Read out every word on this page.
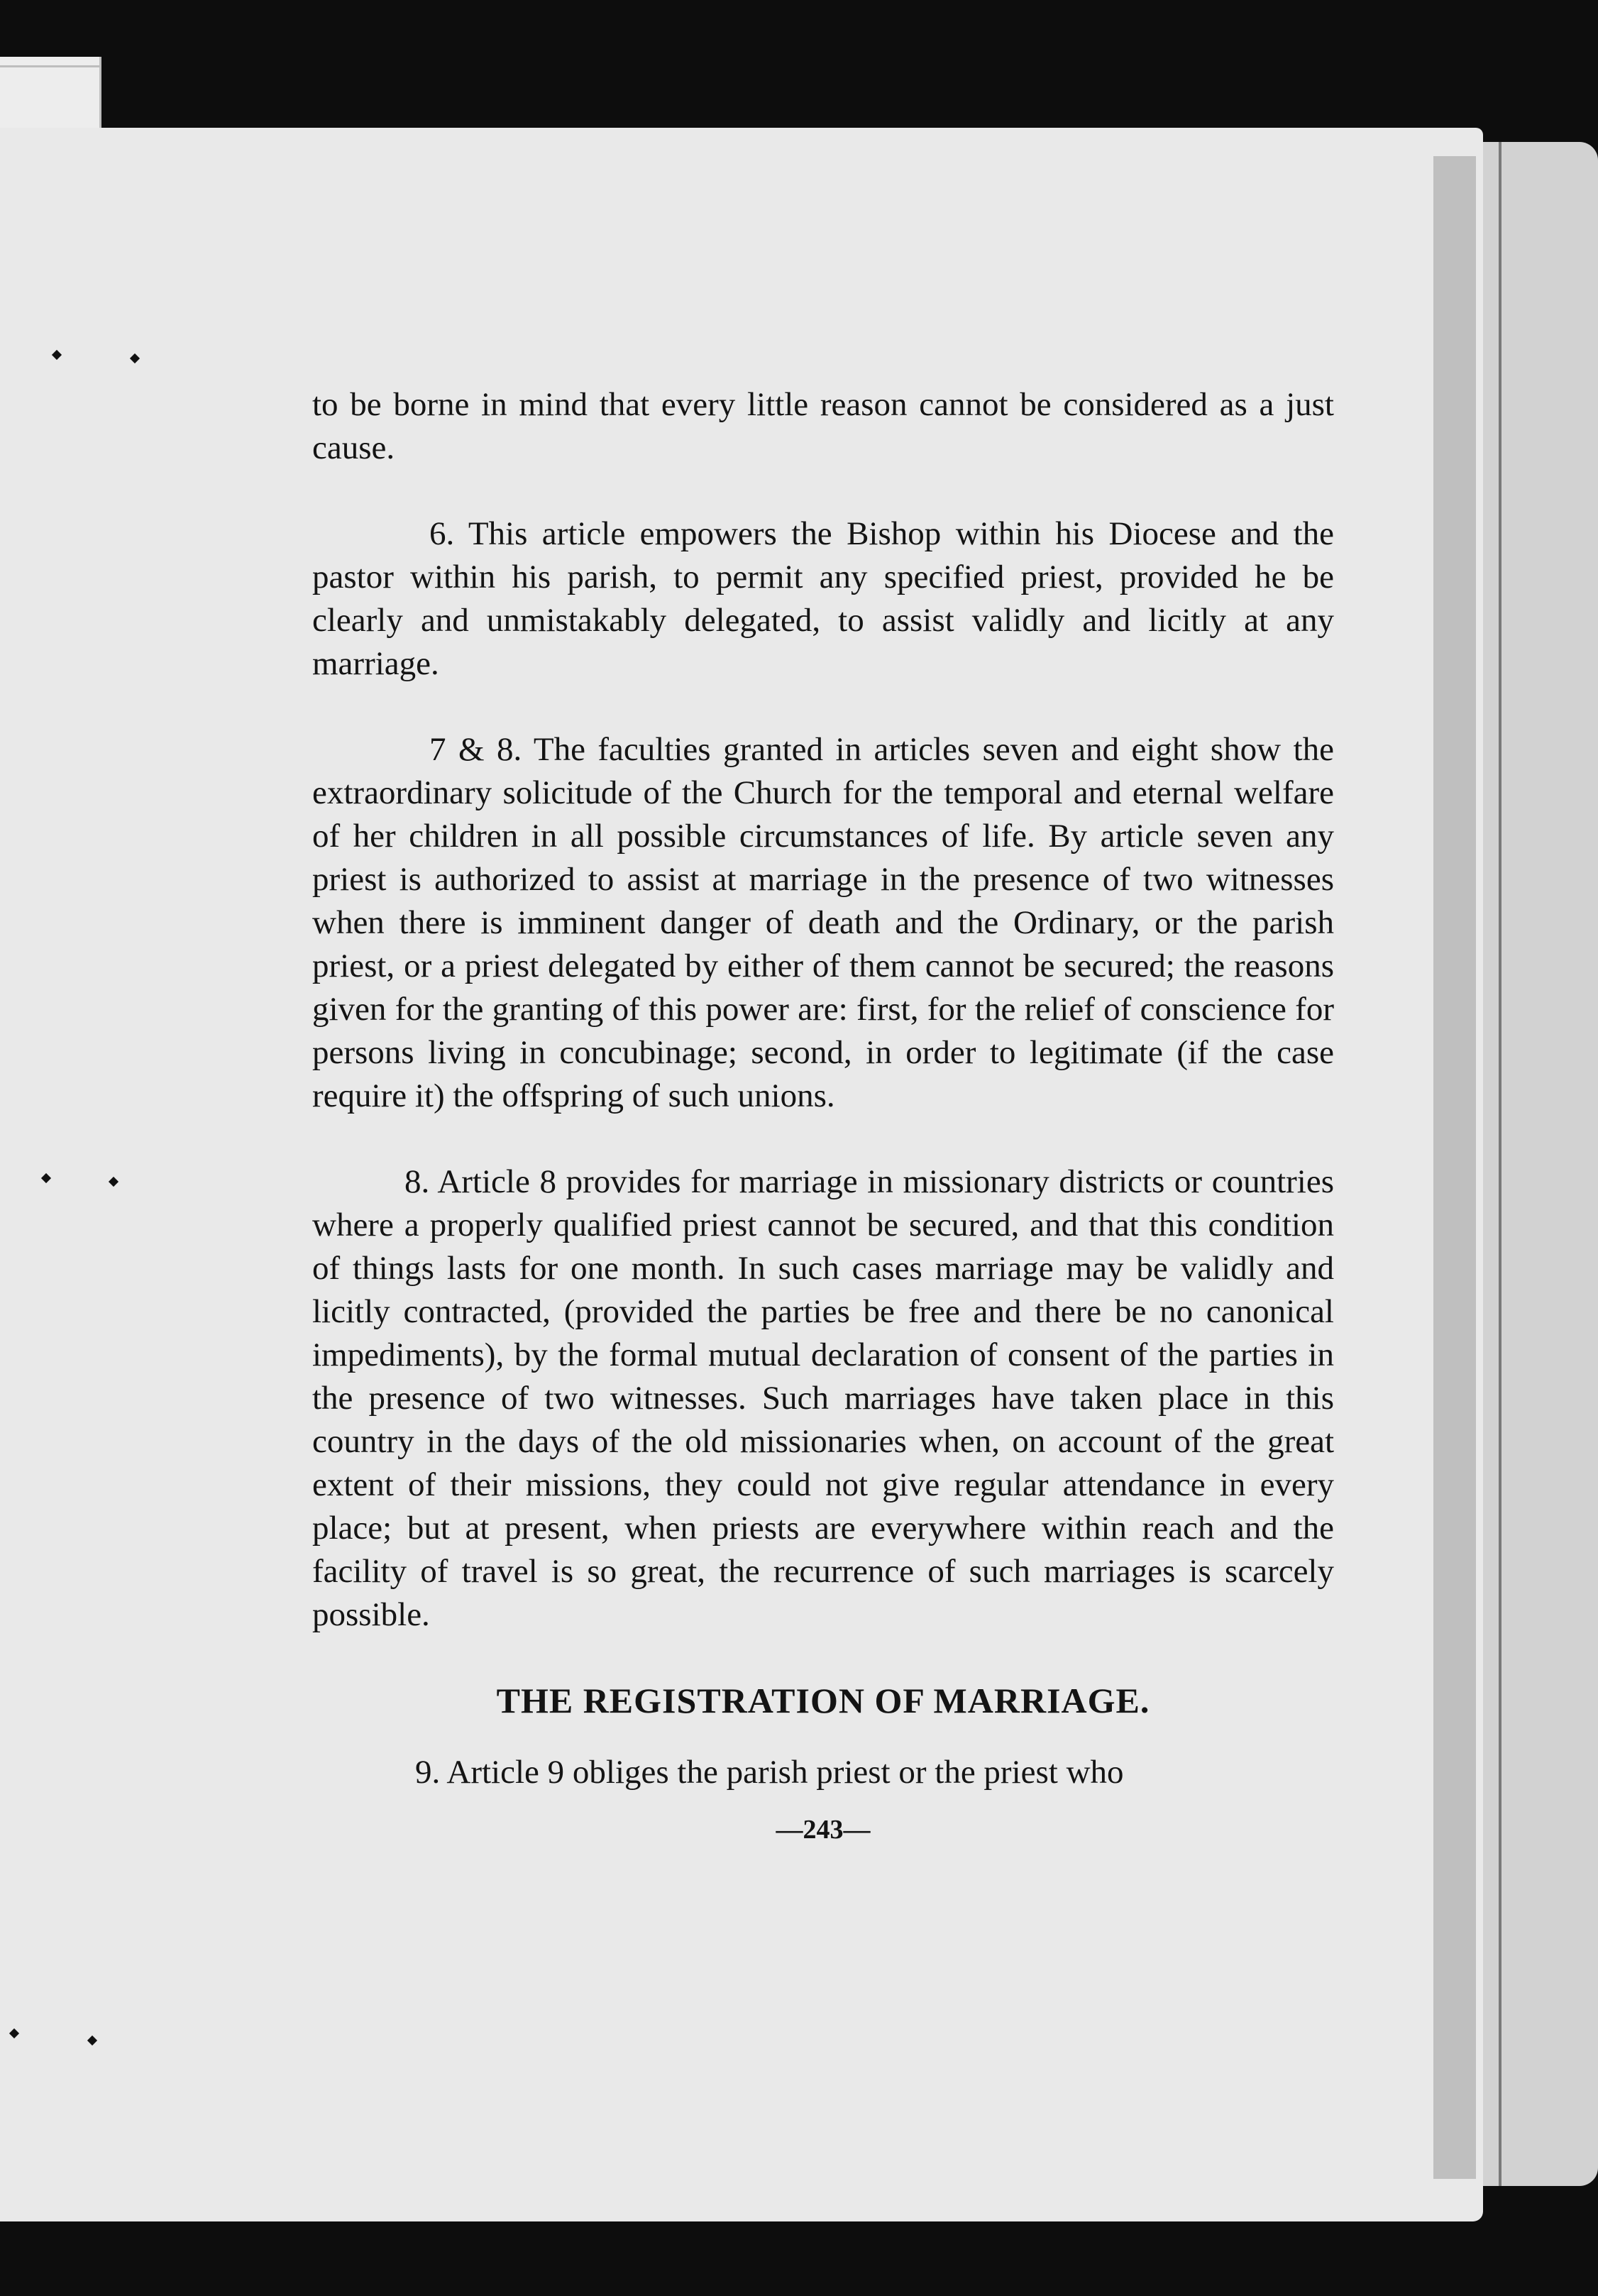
to be borne in mind that every little reason cannot be considered as a just cause.

6. This article empowers the Bishop within his Diocese and the pastor within his parish, to permit any specified priest, provided he be clearly and unmistakably delegated, to assist validly and licitly at any marriage.

7 & 8. The faculties granted in articles seven and eight show the extraordinary solicitude of the Church for the temporal and eternal welfare of her children in all possible circumstances of life. By article seven any priest is authorized to assist at marriage in the presence of two witnesses when there is imminent danger of death and the Ordinary, or the parish priest, or a priest delegated by either of them cannot be secured; the reasons given for the granting of this power are: first, for the relief of conscience for persons living in concubinage; second, in order to legitimate (if the case require it) the offspring of such unions.

8. Article 8 provides for marriage in missionary districts or countries where a properly qualified priest cannot be secured, and that this condition of things lasts for one month. In such cases marriage may be validly and licitly contracted, (provided the parties be free and there be no canonical impediments), by the formal mutual declaration of consent of the parties in the presence of two witnesses. Such marriages have taken place in this country in the days of the old missionaries when, on account of the great extent of their missions, they could not give regular attendance in every place; but at present, when priests are everywhere within reach and the facility of travel is so great, the recurrence of such marriages is scarcely possible.

THE REGISTRATION OF MARRIAGE.

9. Article 9 obliges the parish priest or the priest who

—243—
